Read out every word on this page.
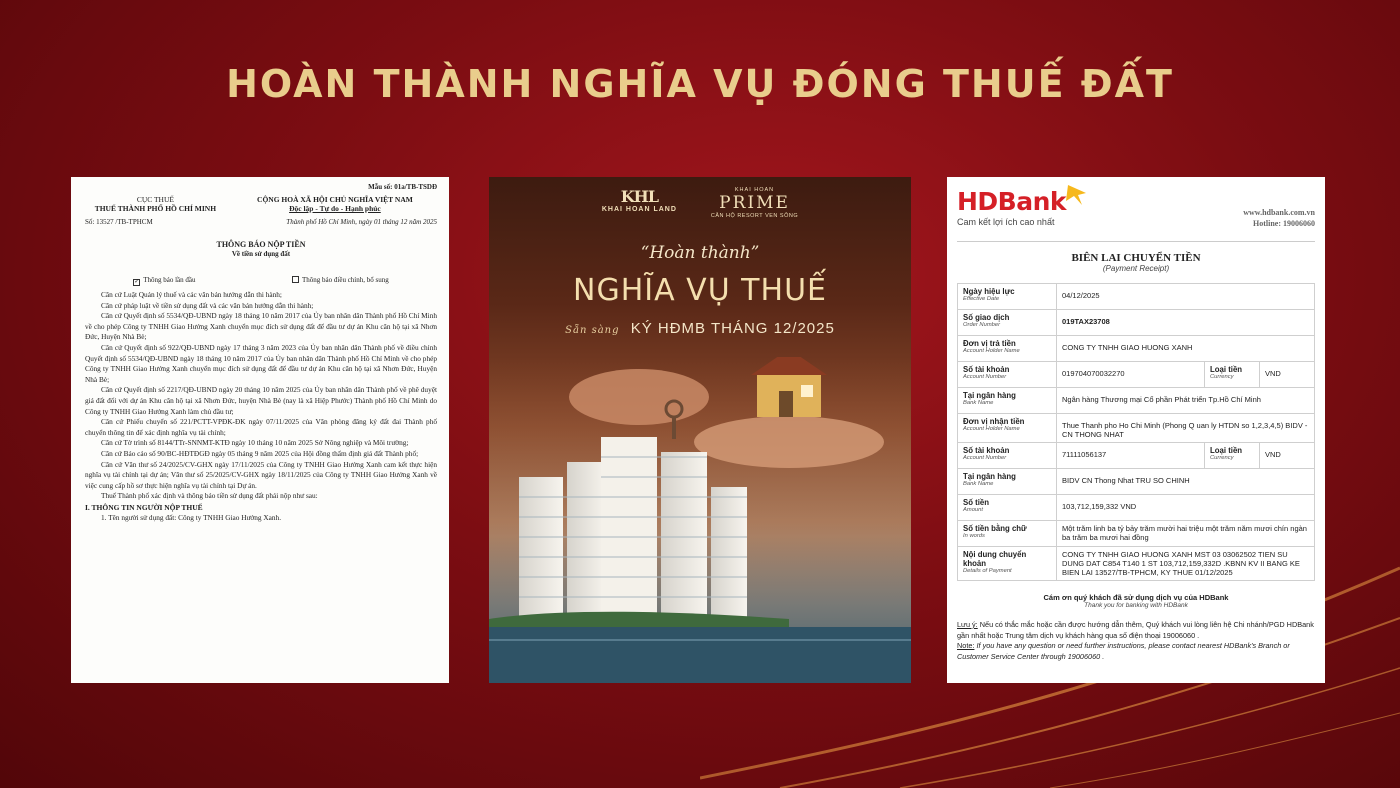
HOÀN THÀNH NGHĨA VỤ ĐÓNG THUẾ ĐẤT
Mẫu số: 01a/TB-TSDĐ
CỤC THUẾ
THUẾ THÀNH PHỐ HỒ CHÍ MINH
CỘNG HOÀ XÃ HỘI CHỦ NGHĨA VIỆT NAM
Độc lập - Tự do - Hạnh phúc
Số: 13527 /TB-TPHCM	Thành phố Hồ Chí Minh, ngày 01 tháng 12 năm 2025
THÔNG BÁO NỘP TIỀN
Về tiền sử dụng đất
✓ Thông báo lần đầu	Thông báo điều chỉnh, bổ sung

Căn cứ Luật Quản lý thuế và các văn bản hướng dẫn thi hành;

Căn cứ pháp luật về tiền sử dụng đất và các văn bản hướng dẫn thi hành;

Căn cứ Quyết định số 5534/QĐ-UBND ngày 18 tháng 10 năm 2017 của Ủy ban nhân dân Thành phố Hồ Chí Minh về cho phép Công ty TNHH Giao Hưởng Xanh chuyển mục đích sử dụng đất để đầu tư dự án Khu căn hộ tại xã Nhơn Đức, Huyện Nhà Bè;

Căn cứ Quyết định số 922/QĐ-UBND ngày 17 tháng 3 năm 2023 của Ủy ban nhân dân Thành phố về điều chỉnh Quyết định số 5534/QĐ-UBND ngày 18 tháng 10 năm 2017 của Ủy ban nhân dân Thành phố Hồ Chí Minh về cho phép Công ty TNHH Giao Hưởng Xanh chuyển mục đích sử dụng đất để đầu tư dự án Khu căn hộ tại xã Nhơn Đức, Huyện Nhà Bè;

Căn cứ Quyết định số 2217/QĐ-UBND ngày 20 tháng 10 năm 2025 của Ủy ban nhân dân Thành phố về phê duyệt giá đất đối với dự án Khu căn hộ tại xã Nhơn Đức, huyện Nhà Bè (nay là xã Hiệp Phước) Thành phố Hồ Chí Minh do Công ty TNHH Giao Hưởng Xanh làm chủ đầu tư;

Căn cứ Phiếu chuyển số 221/PCTT-VPĐK-ĐK ngày 07/11/2025 của Văn phòng đăng ký đất đai Thành phố chuyển thông tin để xác định nghĩa vụ tài chính;

Căn cứ Tờ trình số 8144/TTr-SNNMT-KTĐ ngày 10 tháng 10 năm 2025 Sở Nông nghiệp và Môi trường;

Căn cứ Báo cáo số 90/BC-HĐTĐGĐ ngày 05 tháng 9 năm 2025 của Hội đồng thẩm định giá đất Thành phố;

Căn cứ Văn thư số 24/2025/CV-GHX ngày 17/11/2025 của Công ty TNHH Giao Hưởng Xanh cam kết thực hiện nghĩa vụ tài chính tại dự án; Văn thư số 25/2025/CV-GHX ngày 18/11/2025 của Công ty TNHH Giao Hưởng Xanh về việc cung cấp hồ sơ thực hiện nghĩa vụ tài chính tại Dự án.

Thuế Thành phố xác định và thông báo tiền sử dụng đất phải nộp như sau:

I. THÔNG TIN NGƯỜI NỘP THUẾ
1. Tên người sử dụng đất: Công ty TNHH Giao Hưởng Xanh.
KHL
KHAI HOAN LAND
KHAI HOAN
PRIME
CĂN HỘ RESORT VEN SÔNG
“Hoàn thành”
NGHĨA VỤ THUẾ
Sẵn sàng KÝ HĐMB THÁNG 12/2025
HDBank
Cam kết lợi ích cao nhất
www.hdbank.com.vn
Hotline: 19006060
BIÊN LAI CHUYỂN TIỀN
(Payment Receipt)
Ngày hiệu lực
Effective Date	04/12/2025		

Số giao dịch
Order Number	019TAX23708		

Đơn vị trả tiền
Account Holder Name	CONG TY TNHH GIAO HUONG XANH		

Số tài khoản
Account Number	019704070032270	Loại tiền
Currency	VND

Tại ngân hàng
Bank Name	Ngân hàng Thương mại Cổ phần Phát triển Tp.Hồ Chí Minh		

Đơn vị nhận tiền
Account Holder Name	Thue Thanh pho Ho Chi Minh (Phong Q uan ly HTDN so 1,2,3,4,5) BIDV - CN THONG NHAT		

Số tài khoản
Account Number	71111056137	Loại tiền
Currency	VND

Tại ngân hàng
Bank Name	BIDV CN Thong Nhat TRU SO CHINH		

Số tiền
Amount	103,712,159,332 VND		

Số tiền bằng chữ
In words	Một trăm linh ba tỷ bảy trăm mười hai triệu một trăm năm mươi chín ngàn ba trăm ba mươi hai đồng		

Nội dung chuyển khoản
Details of Payment	CONG TY TNHH GIAO HUONG XANH MST 03 03062502 TIEN SU DUNG DAT C854 T140 1 ST 103,712,159,332D .KBNN KV II BANG KE BIEN LAI 13527/TB-TPHCM, KY THUE 01/12/2025		
Cám ơn quý khách đã sử dụng dịch vụ của HDBank
Thank you for banking with HDBank
Lưu ý: Nếu có thắc mắc hoặc cần được hướng dẫn thêm, Quý khách vui lòng liên hệ Chi nhánh/PGD HDBank gần nhất hoặc Trung tâm dịch vụ khách hàng qua số điện thoại 19006060 .
Note: If you have any question or need further instructions, please contact nearest HDBank's Branch or Customer Service Center through 19006060 .
